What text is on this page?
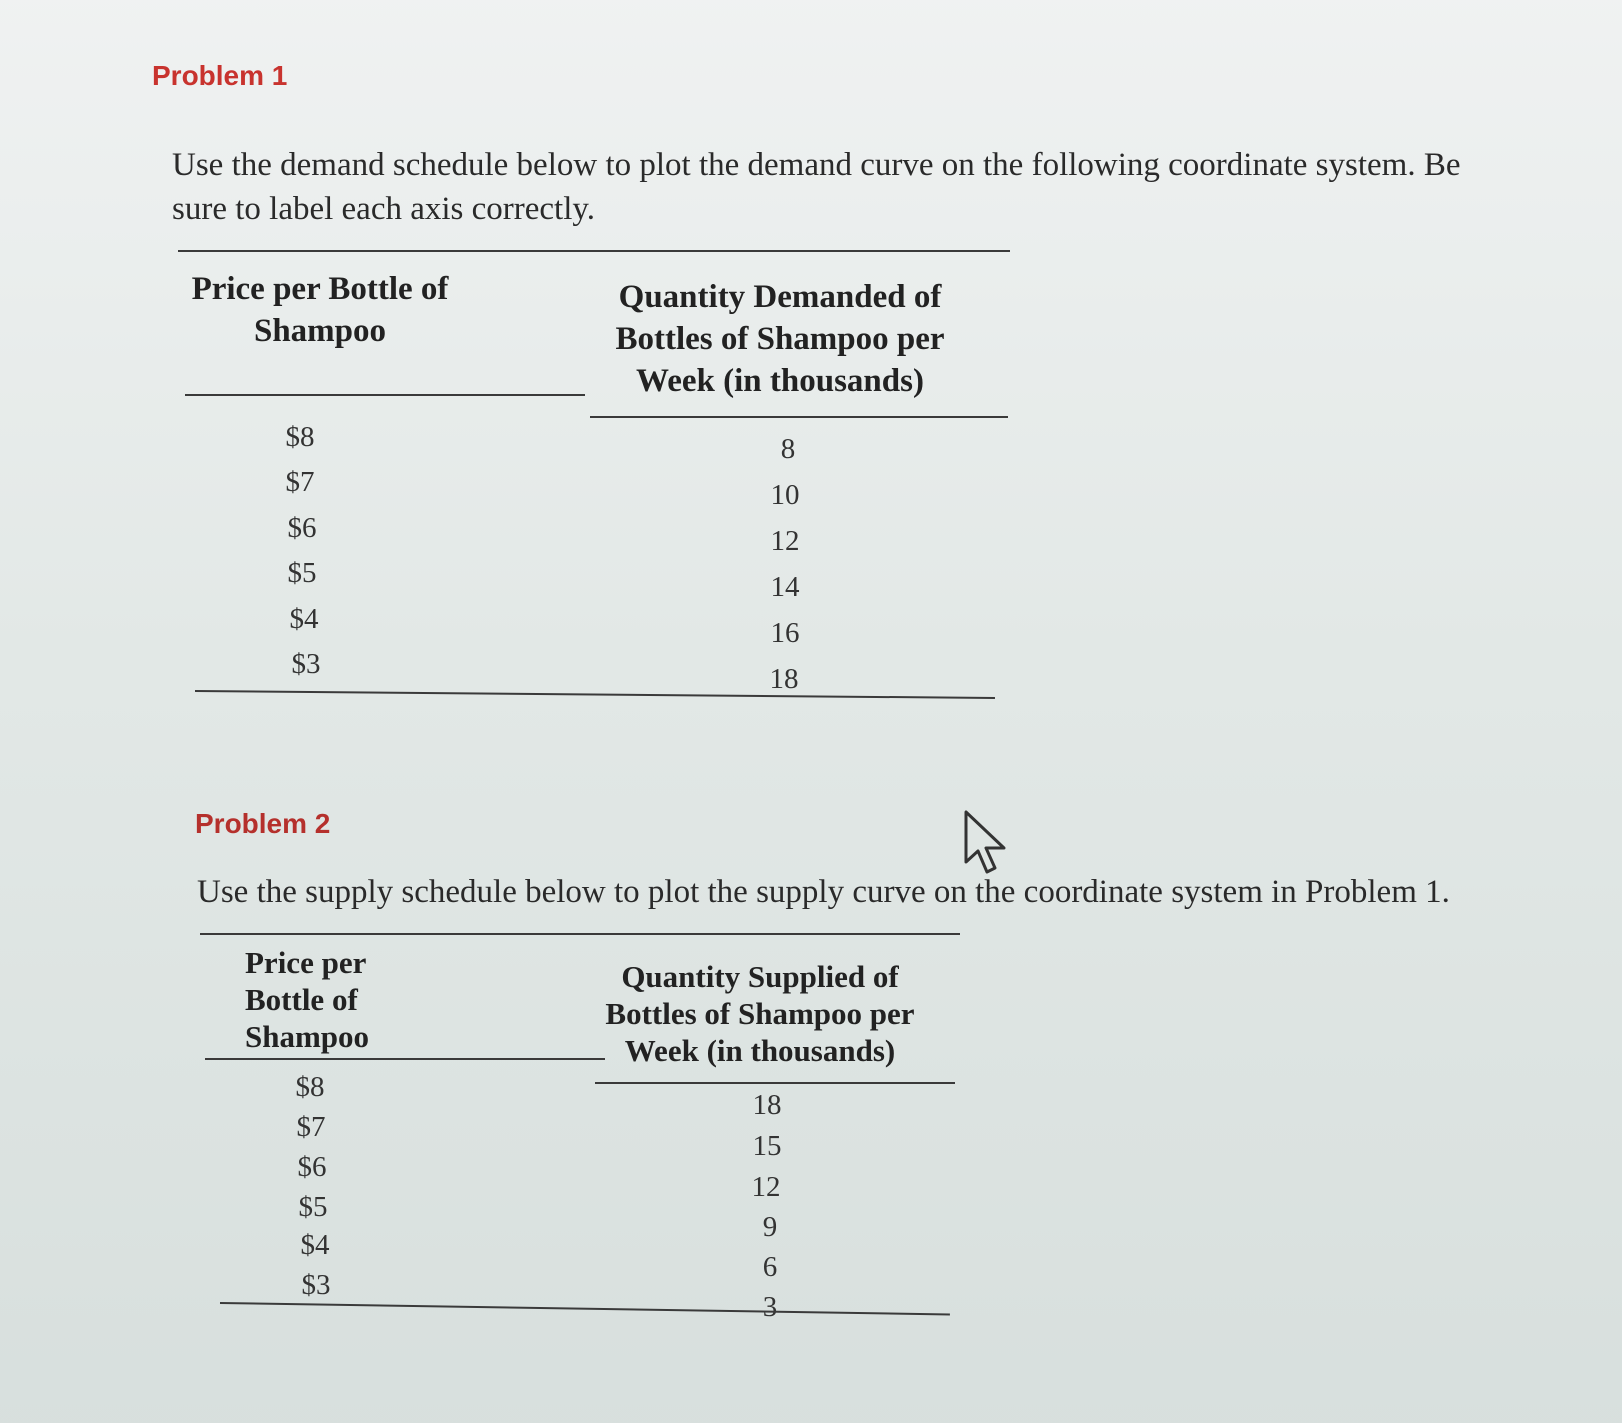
Problem 1

Use the demand schedule below to plot the demand curve on the following coordinate system. Be sure to label each axis correctly.

Price per Bottle of Shampoo

Quantity Demanded of Bottles of Shampoo per Week (in thousands)

$8
$7
$6
$5
$4
$3
8
10
12
14
16
18
Problem 2

Use the supply schedule below to plot the supply curve on the coordinate system in Problem 1.

Price per Bottle of Shampoo

Quantity Supplied of Bottles of Shampoo per Week (in thousands)

$8
$7
$6
$5
$4
$3
18
15
12
9
6
3
